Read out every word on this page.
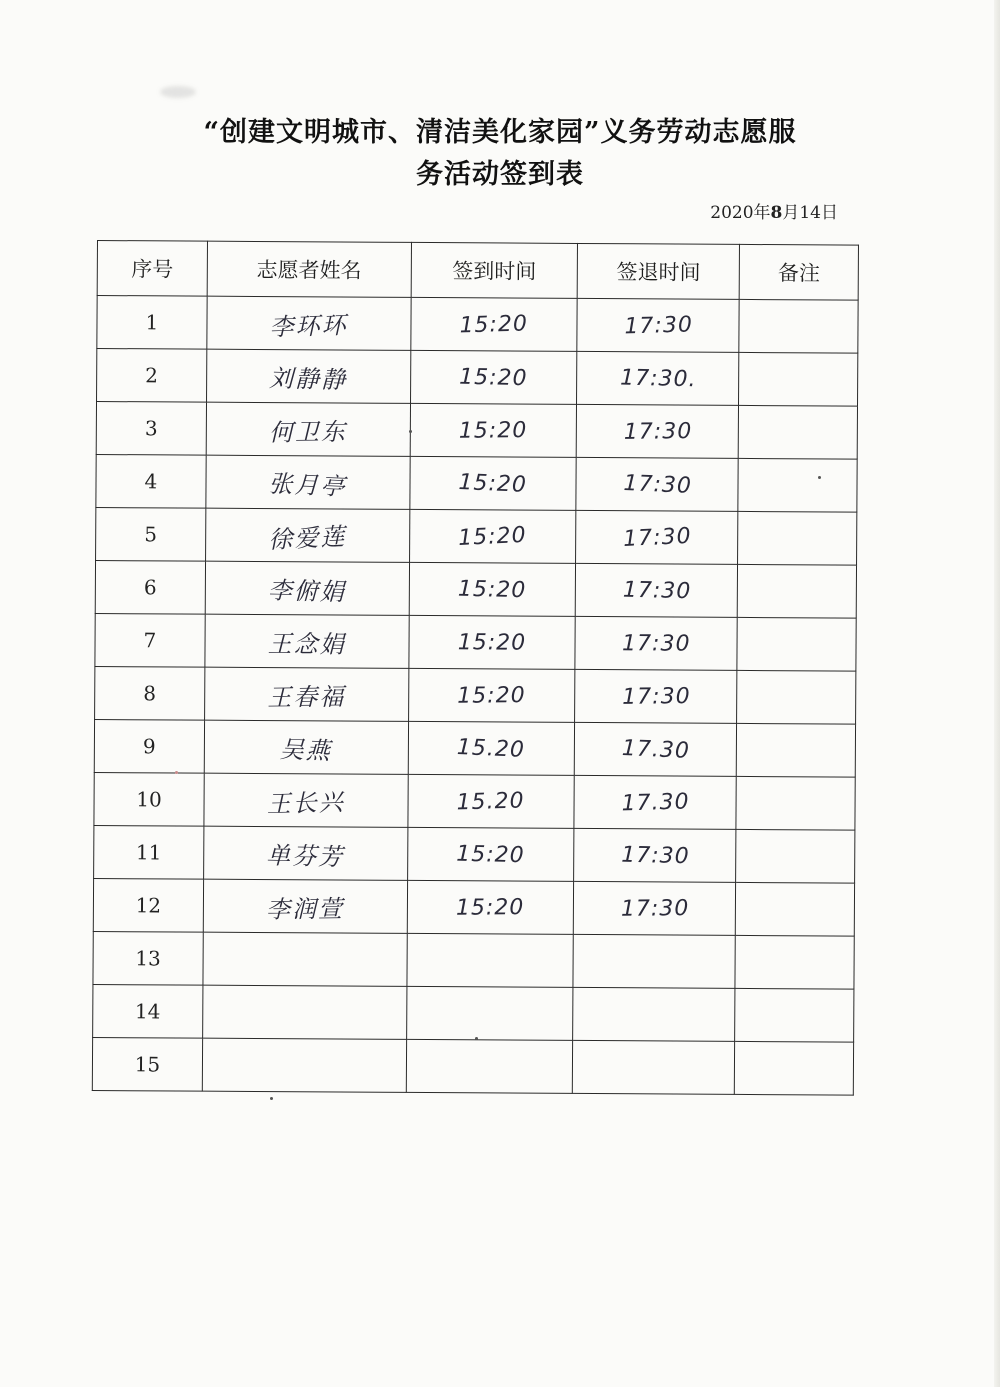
“创建文明城市、清洁美化家园”义务劳动志愿服
务活动签到表
2020年8月14日
序号	志愿者姓名	签到时间	签退时间	备注
1	李环环	15:20	17:30	
2	刘静静	15:20	17:30.	
3	何卫东	15:20	17:30	
4	张月亭	15:20	17:30	
5	徐爱莲	15:20	17:30	
6	李俯娟	15:20	17:30	
7	王念娟	15:20	17:30	
8	王春福	15:20	17:30	
9	吴燕	15.20	17.30	
10	王长兴	15.20	17.30	
11	单芬芳	15:20	17:30	
12	李润萱	15:20	17:30	
13				
14				
15				
